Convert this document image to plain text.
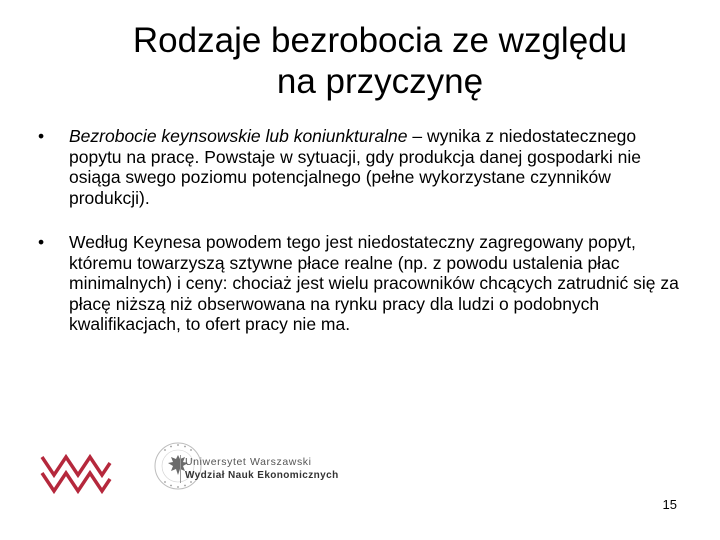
Rodzaje bezrobocia ze względu
na przyczynę
•	Bezrobocie keynsowskie lub koniunkturalne – wynika z niedostatecznego popytu na pracę. Powstaje w sytuacji, gdy produkcja danej gospodarki nie osiąga swego poziomu potencjalnego (pełne wykorzystane czynników produkcji).
•	Według Keynesa powodem tego jest niedostateczny zagregowany popyt, któremu towarzyszą sztywne płace realne (np. z powodu ustalenia płac minimalnych) i ceny: chociaż jest wielu pracowników chcących zatrudnić się za płacę niższą niż obserwowana na rynku pracy dla ludzi o podobnych kwalifikacjach, to ofert pracy nie ma.
Uniwersytet Warszawski
Wydział Nauk Ekonomicznych
15
